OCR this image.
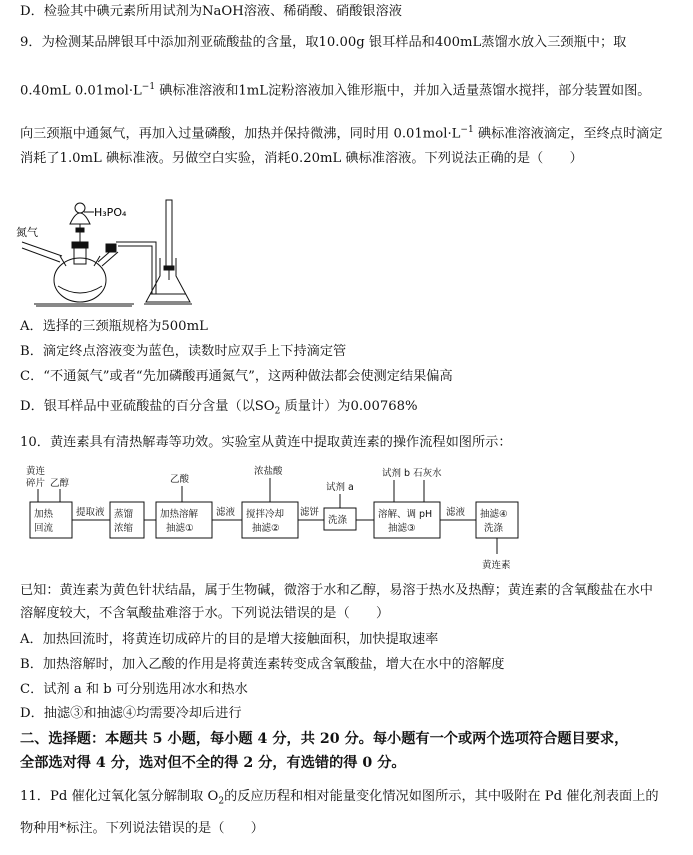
D．检验其中碘元素所用试剂为NaOH溶液、稀硝酸、硝酸银溶液
9．为检测某品牌银耳中添加剂亚硫酸盐的含量，取10.00g 银耳样品和400mL蒸馏水放入三颈瓶中；取
0.40mL $0.01mol\cdot L^{-1}$ 碘标准溶液和1mL淀粉溶液加入锥形瓶中，并加入适量蒸馏水搅拌，部分装置如图。
向三颈瓶中通氮气，再加入过量磷酸，加热并保持微沸，同时用 $0.01mol\cdot L^{-1}$ 碘标准溶液滴定，至终点时滴定
消耗了1.0mL 碘标准液。另做空白实验，消耗0.20mL 碘标准溶液。下列说法正确的是（　　）
氮气
H₃PO₄
A．选择的三颈瓶规格为500mL
B．滴定终点溶液变为蓝色，读数时应双手上下持滴定管
C．“不通氮气”或者“先加磷酸再通氮气”，这两种做法都会使测定结果偏高
D．银耳样品中亚硫酸盐的百分含量（以$SO_2$ 质量计）为0.00768%
10．黄连素具有清热解毒等功效。实验室从黄连中提取黄连素的操作流程如图所示：
黄连
碎片 乙醇
加热
回流
提取液 蒸馏
浓缩
乙酸
加热溶解
抽滤①
滤液
浓盐酸
搅拌冷却
抽滤②
滤饼
试剂 a
洗涤
试剂 b 石灰水
溶解、调 pH
抽滤③
滤液 抽滤④
洗涤
黄连素
已知：黄连素为黄色针状结晶，属于生物碱，微溶于水和乙醇，易溶于热水及热醇；黄连素的含氧酸盐在水中
溶解度较大，不含氧酸盐难溶于水。下列说法错误的是（　　）
A．加热回流时，将黄连切成碎片的目的是增大接触面积，加快提取速率
B．加热溶解时，加入乙酸的作用是将黄连素转变成含氧酸盐，增大在水中的溶解度
C．试剂 a 和 b 可分别选用冰水和热水
D．抽滤③和抽滤④均需要冷却后进行
二、选择题：本题共 5 小题，每小题 4 分，共 20 分。每小题有一个或两个选项符合题目要求，
全部选对得 4 分，选对但不全的得 2 分，有选错的得 0 分。
11．Pd 催化过氧化氢分解制取 $O_2$的反应历程和相对能量变化情况如图所示，其中吸附在 Pd 催化剂表面上的
物种用*标注。下列说法错误的是（　　）
